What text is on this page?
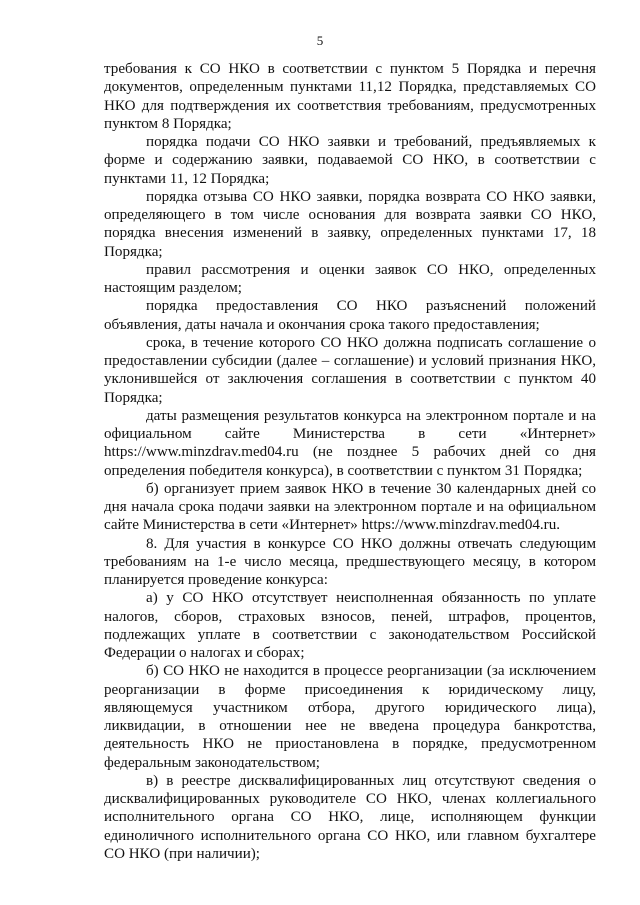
5

требования к СО НКО в соответствии с пунктом 5 Порядка и перечня документов, определенным пунктами 11,12 Порядка, представляемых СО НКО для подтверждения их соответствия требованиям, предусмотренных пунктом 8 Порядка;

порядка подачи СО НКО заявки и требований, предъявляемых к форме и содержанию заявки, подаваемой СО НКО, в соответствии с пунктами 11, 12 Порядка;

порядка отзыва СО НКО заявки, порядка возврата СО НКО заявки, определяющего в том числе основания для возврата заявки СО НКО, порядка внесения изменений в заявку, определенных пунктами 17, 18 Порядка;

правил рассмотрения и оценки заявок СО НКО, определенных настоящим разделом;

порядка предоставления СО НКО разъяснений положений объявления, даты начала и окончания срока такого предоставления;

срока, в течение которого СО НКО должна подписать соглашение о предоставлении субсидии (далее – соглашение) и условий признания НКО, уклонившейся от заключения соглашения в соответствии с пунктом 40 Порядка;

даты размещения результатов конкурса на электронном портале и на официальном сайте Министерства в сети «Интернет» https://www.minzdrav.med04.ru (не позднее 5 рабочих дней со дня определения победителя конкурса), в соответствии с пунктом 31 Порядка;

б) организует прием заявок НКО в течение 30 календарных дней со дня начала срока подачи заявки на электронном портале и на официальном сайте Министерства в сети «Интернет» https://www.minzdrav.med04.ru.

8. Для участия в конкурсе СО НКО должны отвечать следующим требованиям на 1-е число месяца, предшествующего месяцу, в котором планируется проведение конкурса:

а) у СО НКО отсутствует неисполненная обязанность по уплате налогов, сборов, страховых взносов, пеней, штрафов, процентов, подлежащих уплате в соответствии с законодательством Российской Федерации о налогах и сборах;

б) СО НКО не находится в процессе реорганизации (за исключением реорганизации в форме присоединения к юридическому лицу, являющемуся участником отбора, другого юридического лица), ликвидации, в отношении нее не введена процедура банкротства, деятельность НКО не приостановлена в порядке, предусмотренном федеральным законодательством;

в) в реестре дисквалифицированных лиц отсутствуют сведения о дисквалифицированных руководителе СО НКО, членах коллегиального исполнительного органа СО НКО, лице, исполняющем функции единоличного исполнительного органа СО НКО, или главном бухгалтере СО НКО (при наличии);
